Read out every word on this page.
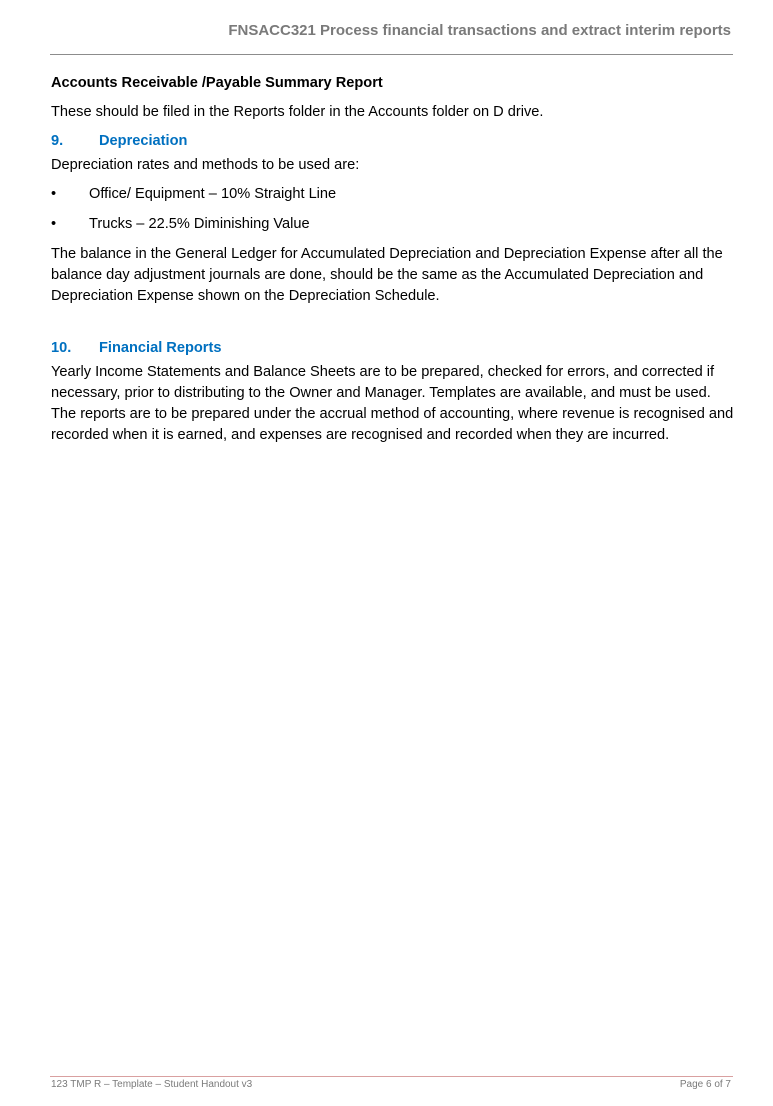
FNSACC321 Process financial transactions and extract interim reports
Accounts Receivable /Payable Summary Report

These should be filed in the Reports folder in the Accounts folder on D drive.

9.	Depreciation

Depreciation rates and methods to be used are:

•	Office/ Equipment – 10% Straight Line
•	Trucks – 22.5% Diminishing Value

The balance in the General Ledger for Accumulated Depreciation and Depreciation Expense after all the balance day adjustment journals are done, should be the same as the Accumulated Depreciation and Depreciation Expense shown on the Depreciation Schedule.

10.	Financial Reports

Yearly Income Statements and Balance Sheets are to be prepared, checked for errors, and corrected if necessary, prior to distributing to the Owner and Manager. Templates are available, and must be used. The reports are to be prepared under the accrual method of accounting, where revenue is recognised and recorded when it is earned, and expenses are recognised and recorded when they are incurred.

123 TMP R – Template – Student Handout v3	Page 6 of 7
